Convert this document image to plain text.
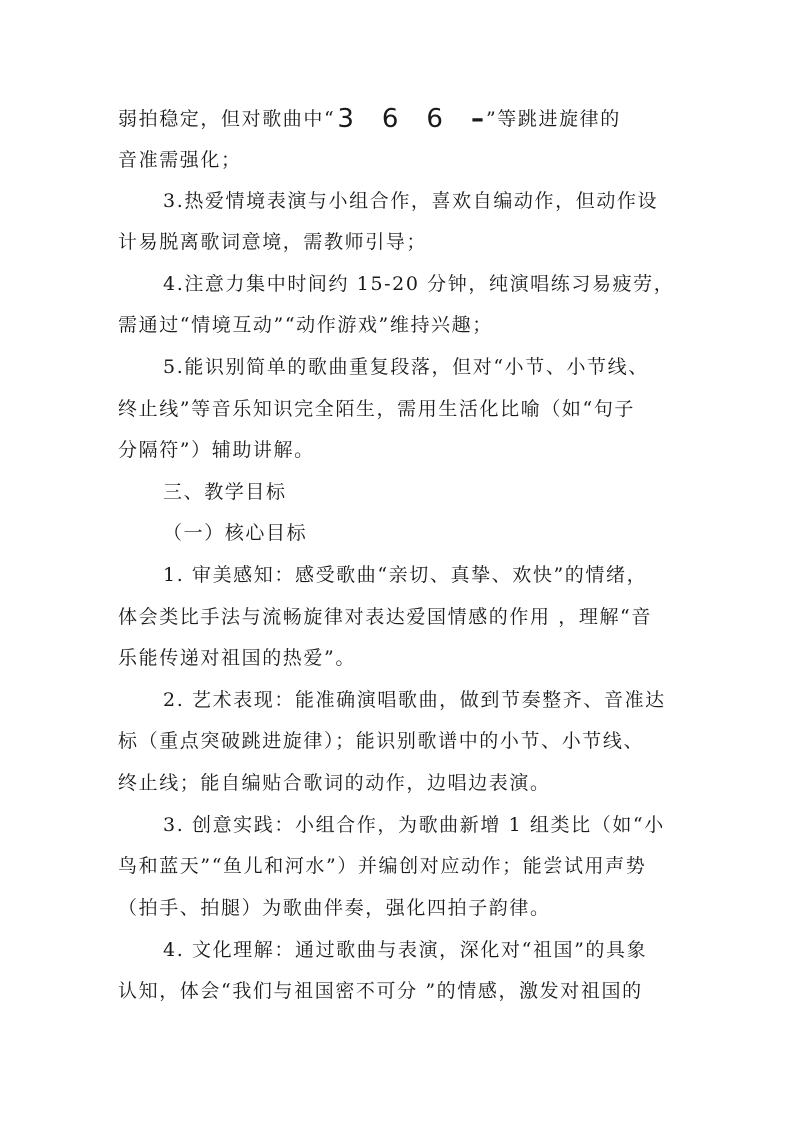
弱拍稳定，但对歌曲中“3 6 6 – ”等跳进旋律的
音准需强化；
3.热爱情境表演与小组合作，喜欢自编动作，但动作设
计易脱离歌词意境，需教师引导；
4.注意力集中时间约 15-20 分钟，纯演唱练习易疲劳，
需通过“情境互动”“动作游戏”维持兴趣；
5.能识别简单的歌曲重复段落，但对“小节、小节线、
终止线”等音乐知识完全陌生，需用生活化比喻（如“句子
分隔符”）辅助讲解。
三、教学目标
（一）核心目标
1. 审美感知：感受歌曲“亲切、真挚、欢快”的情绪，
体会类比手法与流畅旋律对表达爱国情感的作用 ，理解“音
乐能传递对祖国的热爱”。
2. 艺术表现：能准确演唱歌曲，做到节奏整齐、音准达
标（重点突破跳进旋律）；能识别歌谱中的小节、小节线、
终止线；能自编贴合歌词的动作，边唱边表演。
3. 创意实践：小组合作，为歌曲新增 1 组类比（如“小
鸟和蓝天”“鱼儿和河水”）并编创对应动作；能尝试用声势
（拍手、拍腿）为歌曲伴奏，强化四拍子韵律。
4. 文化理解：通过歌曲与表演，深化对“祖国”的具象
认知，体会“我们与祖国密不可分 ”的情感，激发对祖国的
